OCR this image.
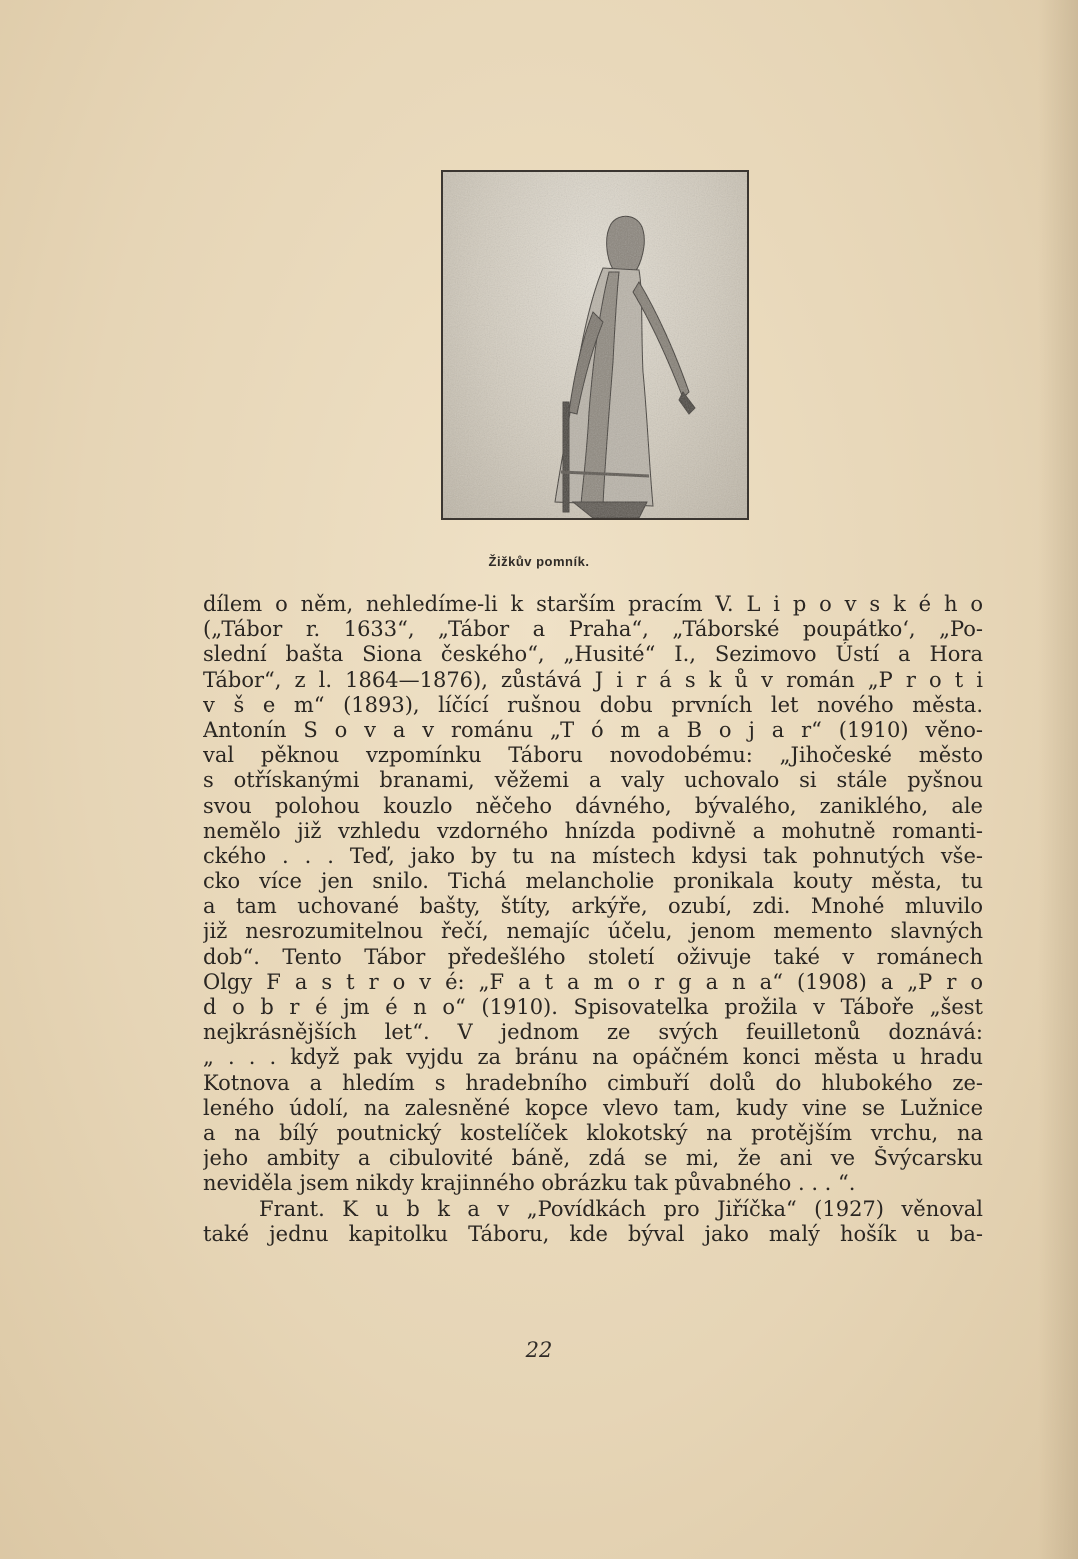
Žižkův pomník.
dílem o něm, nehledíme-li k starším pracím V. L i p o v s k é h o
(„Tábor r. 1633“, „Tábor a Praha“, „Táborské poupátko‘, „Po-
slední bašta Siona českého“, „Husité“ I., Sezimovo Ústí a Hora
Tábor“, z l. 1864—1876), zůstává J i r á s k ů v román „P r o t i
v š e m“ (1893), líčící rušnou dobu prvních let nového města.
Antonín S o v a v románu „T ó m a B o j a r“ (1910) věno-
val pěknou vzpomínku Táboru novodobému: „Jihočeské město
s otřískanými branami, věžemi a valy uchovalo si stále pyšnou
svou polohou kouzlo něčeho dávného, bývalého, zaniklého, ale
nemělo již vzhledu vzdorného hnízda podivně a mohutně romanti-
ckého . . . Teď, jako by tu na místech kdysi tak pohnutých vše-
cko více jen snilo. Tichá melancholie pronikala kouty města, tu
a tam uchované bašty, štíty, arkýře, ozubí, zdi. Mnohé mluvilo
již nesrozumitelnou řečí, nemajíc účelu, jenom memento slavných
dob“. Tento Tábor předešlého století oživuje také v románech
Olgy F a s t r o v é: „F a t a m o r g a n a“ (1908) a „P r o
d o b r é jm é n o“ (1910). Spisovatelka prožila v Táboře „šest
nejkrásnějších let“. V jednom ze svých feuilletonů doznává:
„ . . . když pak vyjdu za bránu na opáčném konci města u hradu
Kotnova a hledím s hradebního cimbuří dolů do hlubokého ze-
leného údolí, na zalesněné kopce vlevo tam, kudy vine se Lužnice
a na bílý poutnický kostelíček klokotský na protějším vrchu, na
jeho ambity a cibulovité báně, zdá se mi, že ani ve Švýcarsku
neviděla jsem nikdy krajinného obrázku tak půvabného . . . “.
Frant. K u b k a v „Povídkách pro Jiříčka“ (1927) věnoval
také jednu kapitolku Táboru, kde býval jako malý hošík u ba-
22
